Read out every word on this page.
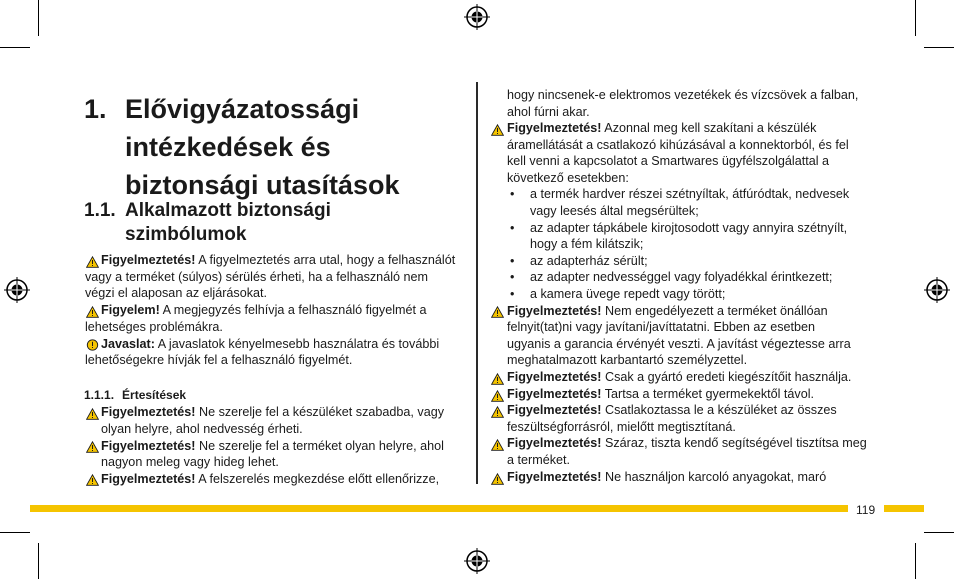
1. Elővigyázatossági intézkedések és biztonsági utasítások
1.1. Alkalmazott biztonsági szimbólumok
Figyelmeztetés! A figyelmeztetés arra utal, hogy a felhasználót
vagy a terméket (súlyos) sérülés érheti, ha a felhasználó nem
végzi el alaposan az eljárásokat.
Figyelem! A megjegyzés felhívja a felhasználó figyelmét a
lehetséges problémákra.
Javaslat: A javaslatok kényelmesebb használatra és további
lehetőségekre hívják fel a felhasználó figyelmét.
1.1.1. Értesítések
Figyelmeztetés! Ne szerelje fel a készüléket szabadba, vagy
olyan helyre, ahol nedvesség érheti.
Figyelmeztetés! Ne szerelje fel a terméket olyan helyre, ahol
nagyon meleg vagy hideg lehet.
Figyelmeztetés! A felszerelés megkezdése előtt ellenőrizze,
hogy nincsenek-e elektromos vezetékek és vízcsövek a falban,
ahol fúrni akar.
Figyelmeztetés! Azonnal meg kell szakítani a készülék
áramellátását a csatlakozó kihúzásával a konnektorból, és fel
kell venni a kapcsolatot a Smartwares ügyfélszolgálattal a
következő esetekben:
• a termék hardver részei szétnyíltak, átfúródtak, nedvesek
vagy leesés által megsérültek;
• az adapter tápkábele kirojtosodott vagy annyira szétnyílt,
hogy a fém kilátszik;
• az adapterház sérült;
• az adapter nedvességgel vagy folyadékkal érintkezett;
• a kamera üvege repedt vagy törött;
Figyelmeztetés! Nem engedélyezett a terméket önállóan
felnyit(tat)ni vagy javítani/javíttatatni. Ebben az esetben
ugyanis a garancia érvényét veszti. A javítást végeztesse arra
meghatalmazott karbantartó személyzettel.
Figyelmeztetés! Csak a gyártó eredeti kiegészítőit használja.
Figyelmeztetés! Tartsa a terméket gyermekektől távol.
Figyelmeztetés! Csatlakoztassa le a készüléket az összes
feszültségforrásról, mielőtt megtisztítaná.
Figyelmeztetés! Száraz, tiszta kendő segítségével tisztítsa meg
a terméket.
Figyelmeztetés! Ne használjon karcoló anyagokat, maró
119
